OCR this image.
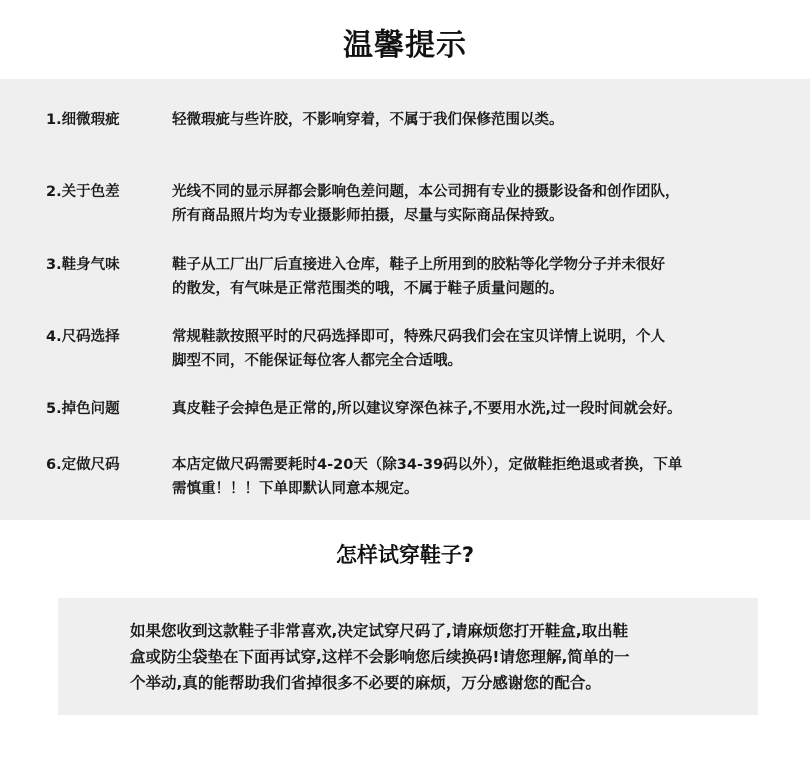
温馨提示
1.细微瑕疵	轻微瑕疵与些许胶，不影响穿着，不属于我们保修范围以类。
2.关于色差	光线不同的显示屏都会影响色差问题，本公司拥有专业的摄影设备和创作团队，
所有商品照片均为专业摄影师拍摄，尽量与实际商品保持致。
3.鞋身气味	鞋子从工厂出厂后直接进入仓库，鞋子上所用到的胶粘等化学物分子并未很好
的散发，有气味是正常范围类的哦，不属于鞋子质量问题的。
4.尺码选择	常规鞋款按照平时的尺码选择即可，特殊尺码我们会在宝贝详情上说明，个人
脚型不同，不能保证每位客人都完全合适哦。
5.掉色问题	真皮鞋子会掉色是正常的,所以建议穿深色袜子,不要用水洗,过一段时间就会好。
6.定做尺码	本店定做尺码需要耗时4-20天（除34-39码以外），定做鞋拒绝退或者换，下单
需慎重！！！下单即默认同意本规定。
怎样试穿鞋子?
如果您收到这款鞋子非常喜欢,决定试穿尺码了,请麻烦您打开鞋盒,取出鞋
盒或防尘袋垫在下面再试穿,这样不会影响您后续换码!请您理解,简单的一
个举动,真的能帮助我们省掉很多不必要的麻烦，万分感谢您的配合。
